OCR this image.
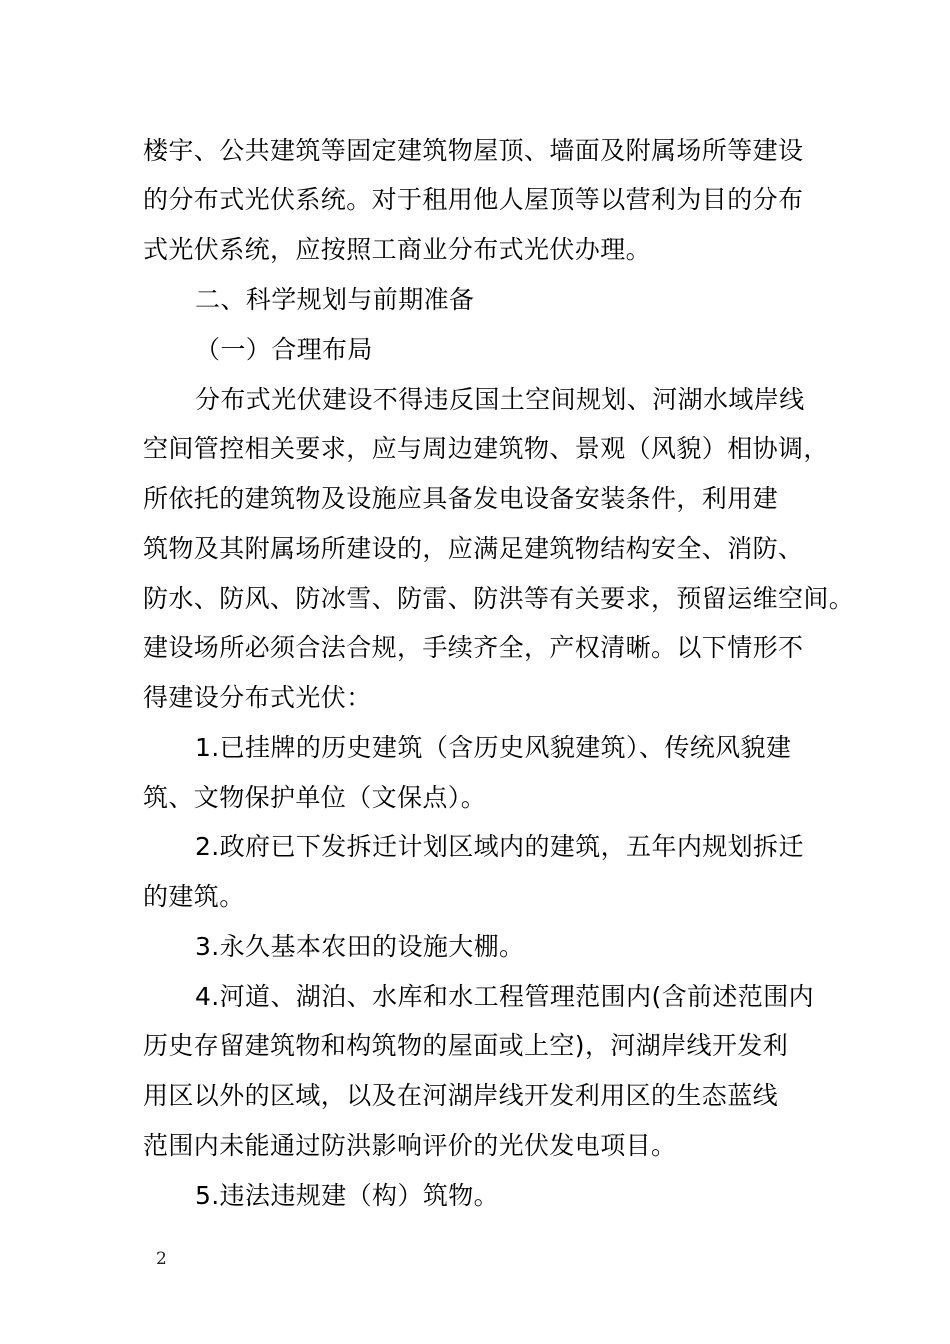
楼宇、公共建筑等固定建筑物屋顶、墙面及附属场所等建设
的分布式光伏系统。对于租用他人屋顶等以营利为目的分布
式光伏系统，应按照工商业分布式光伏办理。
二、科学规划与前期准备
（一）合理布局
分布式光伏建设不得违反国土空间规划、河湖水域岸线
空间管控相关要求，应与周边建筑物、景观（风貌）相协调，
所依托的建筑物及设施应具备发电设备安装条件，利用建
筑物及其附属场所建设的，应满足建筑物结构安全、消防、
防水、防风、防冰雪、防雷、防洪等有关要求，预留运维空间。
建设场所必须合法合规，手续齐全，产权清晰。以下情形不
得建设分布式光伏：
1.已挂牌的历史建筑（含历史风貌建筑）、传统风貌建
筑、文物保护单位（文保点）。
2.政府已下发拆迁计划区域内的建筑，五年内规划拆迁
的建筑。
3.永久基本农田的设施大棚。
4.河道、湖泊、水库和水工程管理范围内(含前述范围内
历史存留建筑物和构筑物的屋面或上空)，河湖岸线开发利
用区以外的区域，以及在河湖岸线开发利用区的生态蓝线
范围内未能通过防洪影响评价的光伏发电项目。
5.违法违规建（构）筑物。
2
